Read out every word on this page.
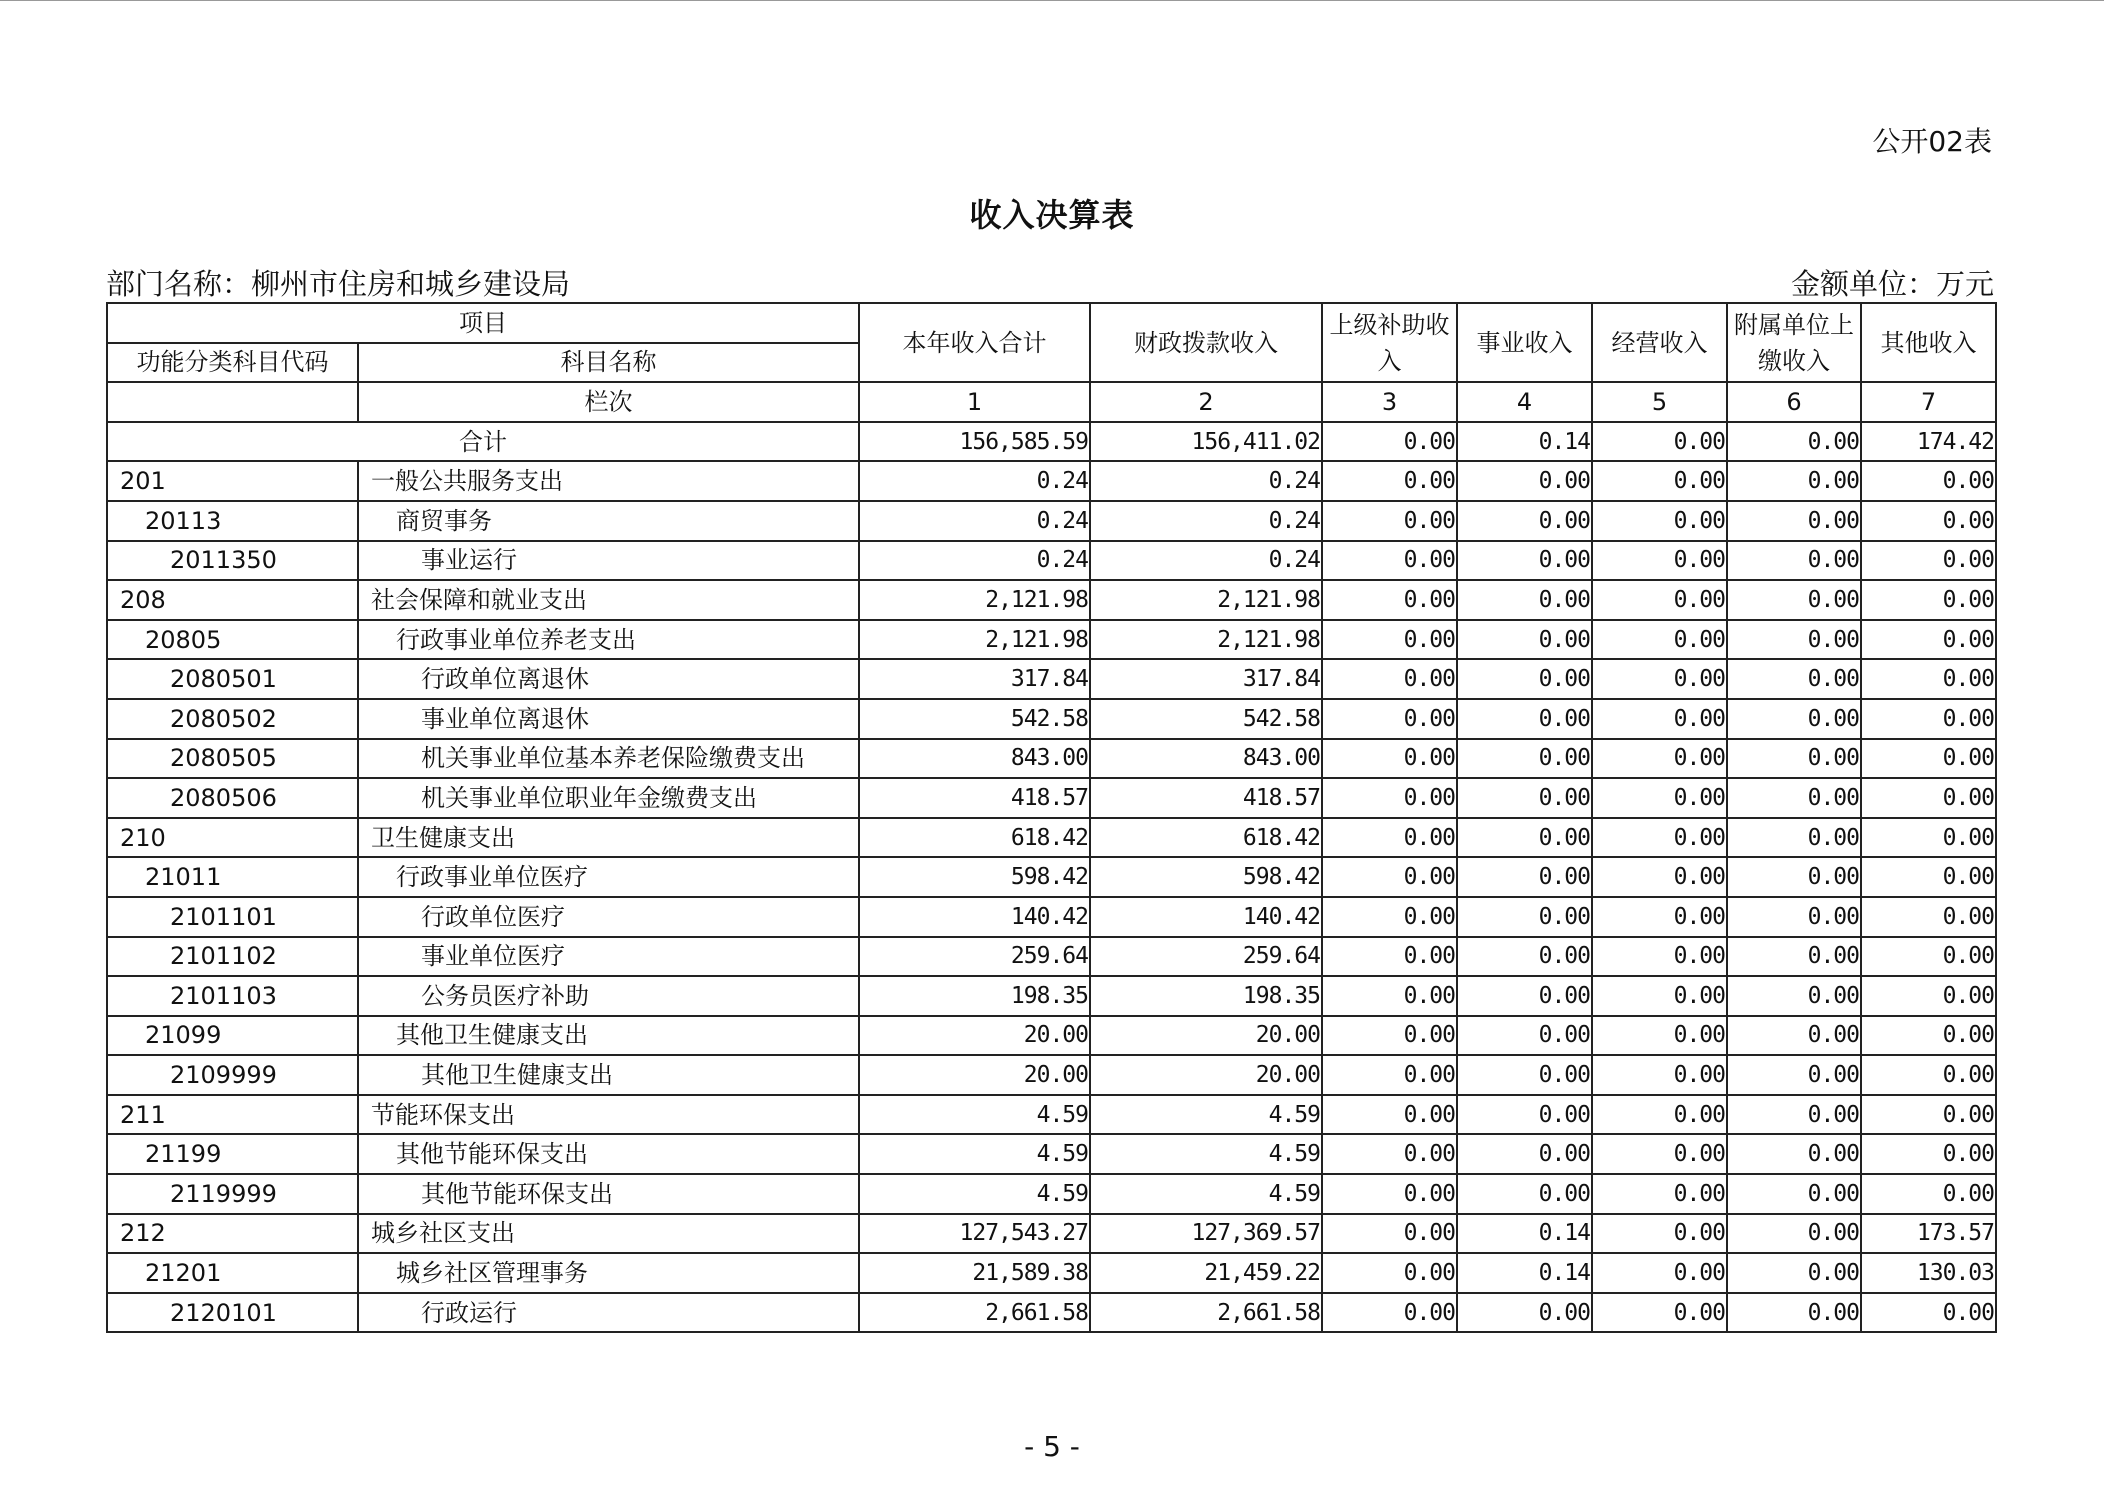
公开02表
收入决算表
部门名称：柳州市住房和城乡建设局	金额单位：万元
项目		本年收入合计	财政拨款收入	上级补助收入	事业收入	经营收入	附属单位上缴收入	其他收入
功能分类科目代码	科目名称							
	栏次	1	2	3	4	5	6	7
合计		156,585.59	156,411.02	0.00	0.14	0.00	0.00	174.42
201	一般公共服务支出	0.24	0.24	0.00	0.00	0.00	0.00	0.00
20113	商贸事务	0.24	0.24	0.00	0.00	0.00	0.00	0.00
2011350	事业运行	0.24	0.24	0.00	0.00	0.00	0.00	0.00
208	社会保障和就业支出	2,121.98	2,121.98	0.00	0.00	0.00	0.00	0.00
20805	行政事业单位养老支出	2,121.98	2,121.98	0.00	0.00	0.00	0.00	0.00
2080501	行政单位离退休	317.84	317.84	0.00	0.00	0.00	0.00	0.00
2080502	事业单位离退休	542.58	542.58	0.00	0.00	0.00	0.00	0.00
2080505	机关事业单位基本养老保险缴费支出	843.00	843.00	0.00	0.00	0.00	0.00	0.00
2080506	机关事业单位职业年金缴费支出	418.57	418.57	0.00	0.00	0.00	0.00	0.00
210	卫生健康支出	618.42	618.42	0.00	0.00	0.00	0.00	0.00
21011	行政事业单位医疗	598.42	598.42	0.00	0.00	0.00	0.00	0.00
2101101	行政单位医疗	140.42	140.42	0.00	0.00	0.00	0.00	0.00
2101102	事业单位医疗	259.64	259.64	0.00	0.00	0.00	0.00	0.00
2101103	公务员医疗补助	198.35	198.35	0.00	0.00	0.00	0.00	0.00
21099	其他卫生健康支出	20.00	20.00	0.00	0.00	0.00	0.00	0.00
2109999	其他卫生健康支出	20.00	20.00	0.00	0.00	0.00	0.00	0.00
211	节能环保支出	4.59	4.59	0.00	0.00	0.00	0.00	0.00
21199	其他节能环保支出	4.59	4.59	0.00	0.00	0.00	0.00	0.00
2119999	其他节能环保支出	4.59	4.59	0.00	0.00	0.00	0.00	0.00
212	城乡社区支出	127,543.27	127,369.57	0.00	0.14	0.00	0.00	173.57
21201	城乡社区管理事务	21,589.38	21,459.22	0.00	0.14	0.00	0.00	130.03
2120101	行政运行	2,661.58	2,661.58	0.00	0.00	0.00	0.00	0.00
- 5 -
